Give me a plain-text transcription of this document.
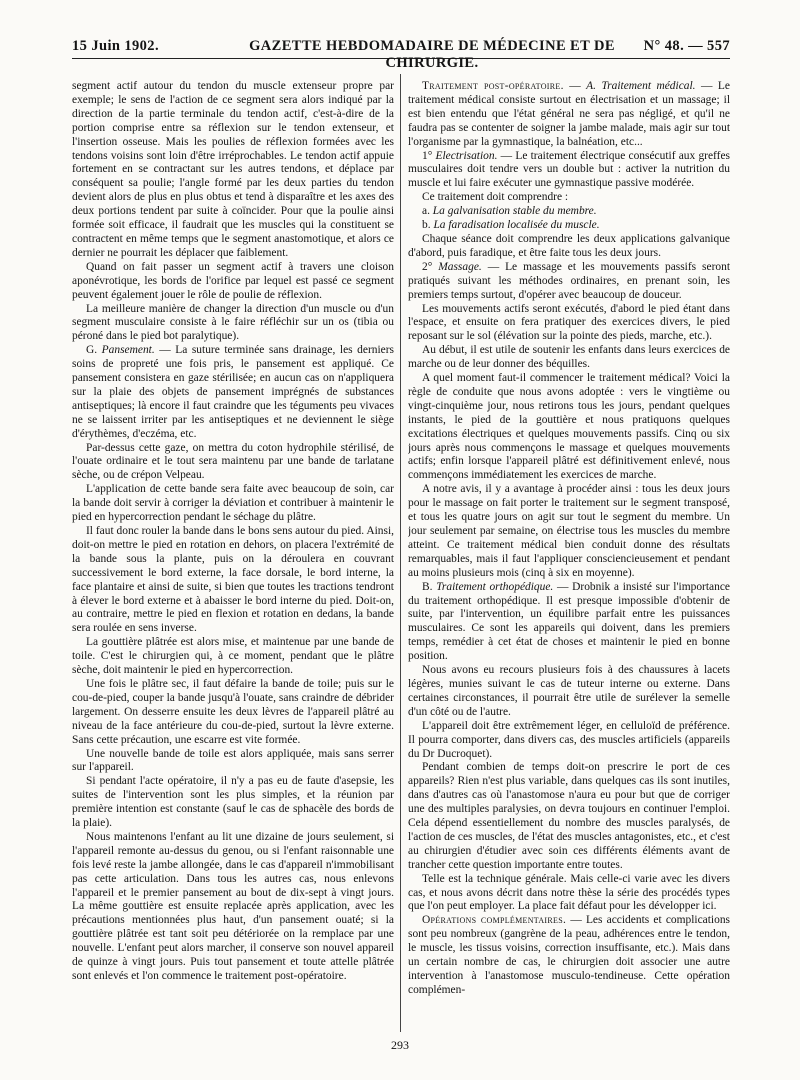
15 Juin 1902.	GAZETTE HEBDOMADAIRE DE MÉDECINE ET DE CHIRURGIE.
N° 48. — 557

segment actif autour du tendon du muscle extenseur propre par exemple; le sens de l'action de ce segment sera alors indiqué par la direction de la partie terminale du tendon actif, c'est-à-dire de la portion comprise entre sa réflexion sur le tendon extenseur, et l'insertion osseuse. Mais les poulies de réflexion formées avec les tendons voisins sont loin d'être irréprochables. Le tendon actif appuie fortement en se contractant sur les autres tendons, et déplace par conséquent sa poulie; l'angle formé par les deux parties du tendon devient alors de plus en plus obtus et tend à disparaître et les axes des deux portions tendent par suite à coïncider. Pour que la poulie ainsi formée soit efficace, il faudrait que les muscles qui la constituent se contractent en même temps que le segment anastomotique, et alors ce dernier ne pourrait les déplacer que faiblement.

Quand on fait passer un segment actif à travers une cloison aponévrotique, les bords de l'orifice par lequel est passé ce segment peuvent également jouer le rôle de poulie de réflexion.

La meilleure manière de changer la direction d'un muscle ou d'un segment musculaire consiste à le faire réfléchir sur un os (tibia ou péroné dans le pied bot paralytique).

G. Pansement. — La suture terminée sans drainage, les derniers soins de propreté une fois pris, le pansement est appliqué. Ce pansement consistera en gaze stérilisée; en aucun cas on n'appliquera sur la plaie des objets de pansement imprégnés de substances antiseptiques; là encore il faut craindre que les téguments peu vivaces ne se laissent irriter par les antiseptiques et ne deviennent le siège d'érythèmes, d'eczéma, etc.

Par-dessus cette gaze, on mettra du coton hydrophile stérilisé, de l'ouate ordinaire et le tout sera maintenu par une bande de tarlatane sèche, ou de crépon Velpeau.

L'application de cette bande sera faite avec beaucoup de soin, car la bande doit servir à corriger la déviation et contribuer à maintenir le pied en hypercorrection pendant le séchage du plâtre.

Il faut donc rouler la bande dans le bons sens autour du pied. Ainsi, doit-on mettre le pied en rotation en dehors, on placera l'extrémité de la bande sous la plante, puis on la déroulera en couvrant successivement le bord externe, la face dorsale, le bord interne, la face plantaire et ainsi de suite, si bien que toutes les tractions tendront à élever le bord externe et à abaisser le bord interne du pied. Doit-on, au contraire, mettre le pied en flexion et rotation en dedans, la bande sera roulée en sens inverse.

La gouttière plâtrée est alors mise, et maintenue par une bande de toile. C'est le chirurgien qui, à ce moment, pendant que le plâtre sèche, doit maintenir le pied en hypercorrection.

Une fois le plâtre sec, il faut défaire la bande de toile; puis sur le cou-de-pied, couper la bande jusqu'à l'ouate, sans craindre de débrider largement. On desserre ensuite les deux lèvres de l'appareil plâtré au niveau de la face antérieure du cou-de-pied, surtout la lèvre externe. Sans cette précaution, une escarre est vite formée.

Une nouvelle bande de toile est alors appliquée, mais sans serrer sur l'appareil.

Si pendant l'acte opératoire, il n'y a pas eu de faute d'asepsie, les suites de l'intervention sont les plus simples, et la réunion par première intention est constante (sauf le cas de sphacèle des bords de la plaie).

Nous maintenons l'enfant au lit une dizaine de jours seulement, si l'appareil remonte au-dessus du genou, ou si l'enfant raisonnable une fois levé reste la jambe allongée, dans le cas d'appareil n'immobilisant pas cette articulation. Dans tous les autres cas, nous enlevons l'appareil et le premier pansement au bout de dix-sept à vingt jours. La même gouttière est ensuite replacée après application, avec les précautions mentionnées plus haut, d'un pansement ouaté; si la gouttière plâtrée est tant soit peu détériorée on la remplace par une nouvelle. L'enfant peut alors marcher, il conserve son nouvel appareil de quinze à vingt jours. Puis tout pansement et toute attelle plâtrée sont enlevés et l'on commence le traitement post-opératoire.

Traitement post-opératoire. — A. Traitement médical. — Le traitement médical consiste surtout en électrisation et un massage; il est bien entendu que l'état général ne sera pas négligé, et qu'il ne faudra pas se contenter de soigner la jambe malade, mais agir sur tout l'organisme par la gymnastique, la balnéation, etc...

1° Electrisation. — Le traitement électrique consécutif aux greffes musculaires doit tendre vers un double but : activer la nutrition du muscle et lui faire exécuter une gymnastique passive modérée.

Ce traitement doit comprendre :

a. La galvanisation stable du membre.

b. La faradisation localisée du muscle.

Chaque séance doit comprendre les deux applications galvanique d'abord, puis faradique, et être faite tous les deux jours.

2° Massage. — Le massage et les mouvements passifs seront pratiqués suivant les méthodes ordinaires, en prenant soin, les premiers temps surtout, d'opérer avec beaucoup de douceur.

Les mouvements actifs seront exécutés, d'abord le pied étant dans l'espace, et ensuite on fera pratiquer des exercices divers, le pied reposant sur le sol (élévation sur la pointe des pieds, marche, etc.).

Au début, il est utile de soutenir les enfants dans leurs exercices de marche ou de leur donner des béquilles.

A quel moment faut-il commencer le traitement médical? Voici la règle de conduite que nous avons adoptée : vers le vingtième ou vingt-cinquième jour, nous retirons tous les jours, pendant quelques instants, le pied de la gouttière et nous pratiquons quelques excitations électriques et quelques mouvements passifs. Cinq ou six jours après nous commençons le massage et quelques mouvements actifs; enfin lorsque l'appareil plâtré est définitivement enlevé, nous commençons immédiatement les exercices de marche.

A notre avis, il y a avantage à procéder ainsi : tous les deux jours pour le massage on fait porter le traitement sur le segment transposé, et tous les quatre jours on agit sur tout le segment du membre. Un jour seulement par semaine, on électrise tous les muscles du membre atteint. Ce traitement médical bien conduit donne des résultats remarquables, mais il faut l'appliquer consciencieusement et pendant au moins plusieurs mois (cinq à six en moyenne).

B. Traitement orthopédique. — Drobnik a insisté sur l'importance du traitement orthopédique. Il est presque impossible d'obtenir de suite, par l'intervention, un équilibre parfait entre les puissances musculaires. Ce sont les appareils qui doivent, dans les premiers temps, remédier à cet état de choses et maintenir le pied en bonne position.

Nous avons eu recours plusieurs fois à des chaussures à lacets légères, munies suivant le cas de tuteur interne ou externe. Dans certaines circonstances, il pourrait être utile de surélever la semelle d'un côté ou de l'autre.

L'appareil doit être extrêmement léger, en celluloïd de préférence. Il pourra comporter, dans divers cas, des muscles artificiels (appareils du Dr Ducroquet).

Pendant combien de temps doit-on prescrire le port de ces appareils? Rien n'est plus variable, dans quelques cas ils sont inutiles, dans d'autres cas où l'anastomose n'aura eu pour but que de corriger une des multiples paralysies, on devra toujours en continuer l'emploi. Cela dépend essentiellement du nombre des muscles paralysés, de l'action de ces muscles, de l'état des muscles antagonistes, etc., et c'est au chirurgien d'étudier avec soin ces différents éléments avant de trancher cette question importante entre toutes.

Telle est la technique générale. Mais celle-ci varie avec les divers cas, et nous avons décrit dans notre thèse la série des procédés types que l'on peut employer. La place fait défaut pour les développer ici.

Opérations complémentaires. — Les accidents et complications sont peu nombreux (gangrène de la peau, adhérences entre le tendon, le muscle, les tissus voisins, correction insuffisante, etc.). Mais dans un certain nombre de cas, le chirurgien doit associer une autre intervention à l'anastomose musculo-tendineuse. Cette opération complémen-

293
